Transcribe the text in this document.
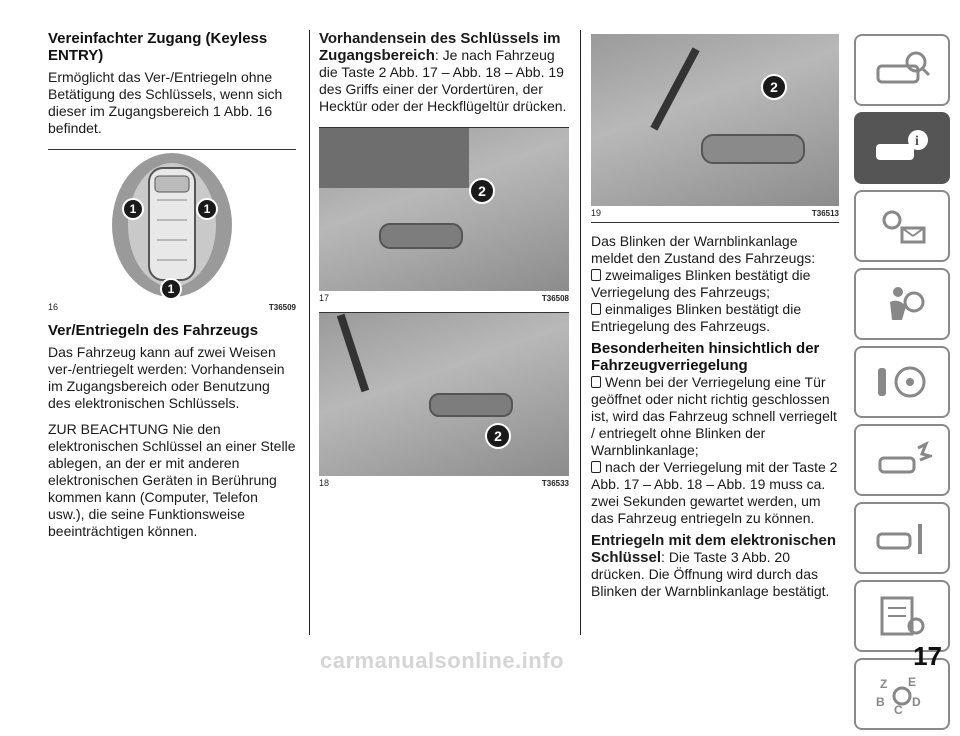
Vereinfachter Zugang (Keyless ENTRY)

Ermöglicht das Ver-/Entriegeln ohne Betätigung des Schlüssels, wenn sich dieser im Zugangsbereich 1 Abb. 16 befindet.

1	1
1
16	T36509
Ver/Entriegeln des Fahrzeugs

Das Fahrzeug kann auf zwei Weisen ver-/entriegelt werden: Vorhandensein im Zugangsbereich oder Benutzung des elektronischen Schlüssels.

ZUR BEACHTUNG Nie den elektronischen Schlüssel an einer Stelle ablegen, an der er mit anderen elektronischen Geräten in Berührung kommen kann (Computer, Telefon usw.), die seine Funktionsweise beeinträchtigen können.

Vorhandensein des Schlüssels im Zugangsbereich: Je nach Fahrzeug die Taste 2 Abb. 17 – Abb. 18 – Abb. 19 des Griffs einer der Vordertüren, der Hecktür oder der Heckflügeltür drücken.

2
17	T36508
2
18	T36533
2
19	T36513

Das Blinken der Warnblinkanlage meldet den Zustand des Fahrzeugs:

zweimaliges Blinken bestätigt die Verriegelung des Fahrzeugs;

einmaliges Blinken bestätigt die Entriegelung des Fahrzeugs.

Besonderheiten hinsichtlich der Fahrzeugverriegelung

Wenn bei der Verriegelung eine Tür geöffnet oder nicht richtig geschlossen ist, wird das Fahrzeug schnell verriegelt / entriegelt ohne Blinken der Warnblinkanlage;

nach der Verriegelung mit der Taste 2 Abb. 17 – Abb. 18 – Abb. 19 muss ca. zwei Sekunden gewartet werden, um das Fahrzeug entriegeln zu können.

Entriegeln mit dem elektronischen Schlüssel: Die Taste 3 Abb. 20 drücken. Die Öffnung wird durch das Blinken der Warnblinkanlage bestätigt.

i
Z E
B
C
D
17
carmanualsonline.info
